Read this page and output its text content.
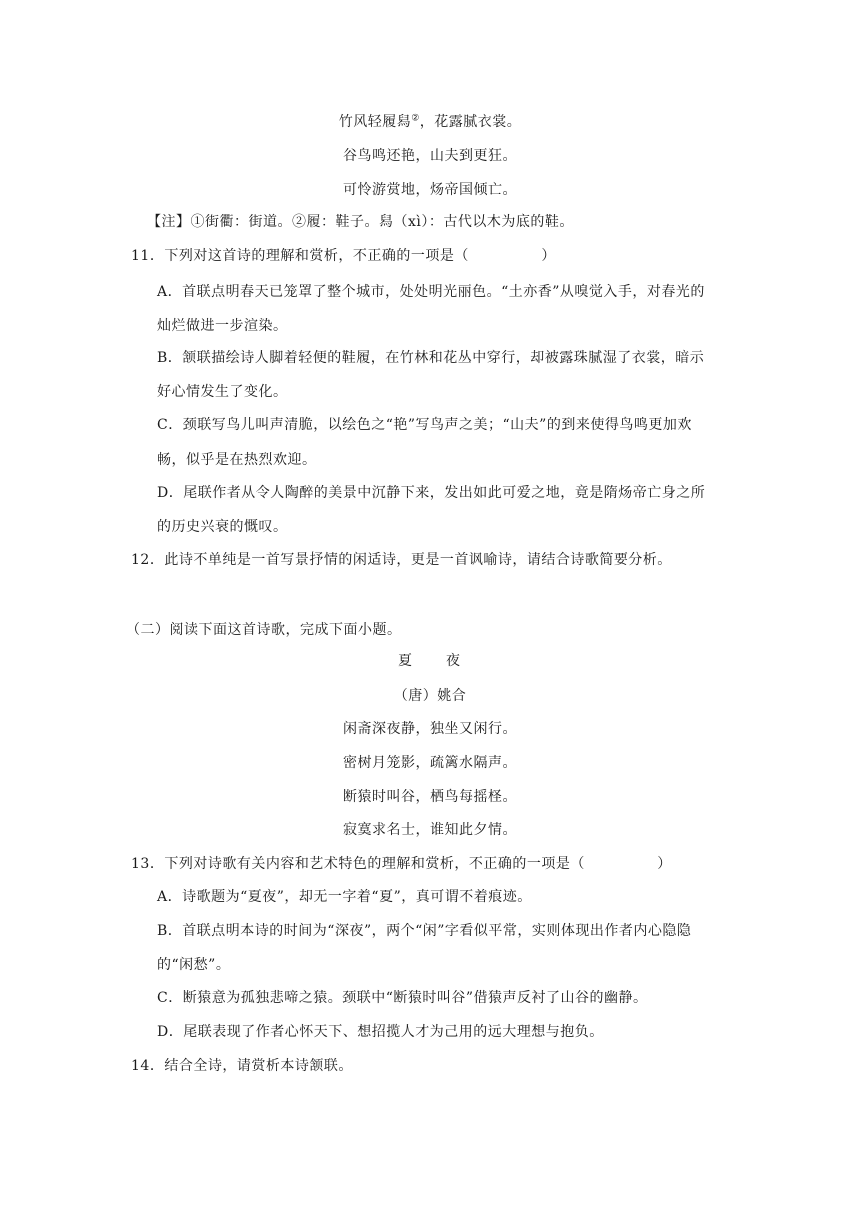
竹风轻履舄②，花露腻衣裳。
谷鸟鸣还艳，山夫到更狂。
可怜游赏地，炀帝国倾亡。
【注】①街衢：街道。②履：鞋子。舄（xì）：古代以木为底的鞋。
11．下列对这首诗的理解和赏析，不正确的一项是（　　　　　）
A．首联点明春天已笼罩了整个城市，处处明光丽色。“土亦香”从嗅觉入手，对春光的
灿烂做进一步渲染。
B．颔联描绘诗人脚着轻便的鞋履，在竹林和花丛中穿行，却被露珠腻湿了衣裳，暗示
好心情发生了变化。
C．颈联写鸟儿叫声清脆，以绘色之“艳”写鸟声之美；“山夫”的到来使得鸟鸣更加欢
畅，似乎是在热烈欢迎。
D．尾联作者从令人陶醉的美景中沉静下来，发出如此可爱之地，竟是隋炀帝亡身之所
的历史兴衰的慨叹。
12．此诗不单纯是一首写景抒情的闲适诗，更是一首讽喻诗，请结合诗歌简要分析。
（二）阅读下面这首诗歌，完成下面小题。
夏　　夜
（唐）姚合
闲斋深夜静，独坐又闲行。
密树月笼影，疏篱水隔声。
断猿时叫谷，栖鸟每摇柽。
寂寞求名士，谁知此夕情。
13．下列对诗歌有关内容和艺术特色的理解和赏析，不正确的一项是（　　　　　）
A．诗歌题为“夏夜”，却无一字着“夏”，真可谓不着痕迹。
B．首联点明本诗的时间为“深夜”，两个“闲”字看似平常，实则体现出作者内心隐隐
的“闲愁”。
C．断猿意为孤独悲啼之猿。颈联中“断猿时叫谷”借猿声反衬了山谷的幽静。
D．尾联表现了作者心怀天下、想招揽人才为己用的远大理想与抱负。
14．结合全诗，请赏析本诗颔联。
